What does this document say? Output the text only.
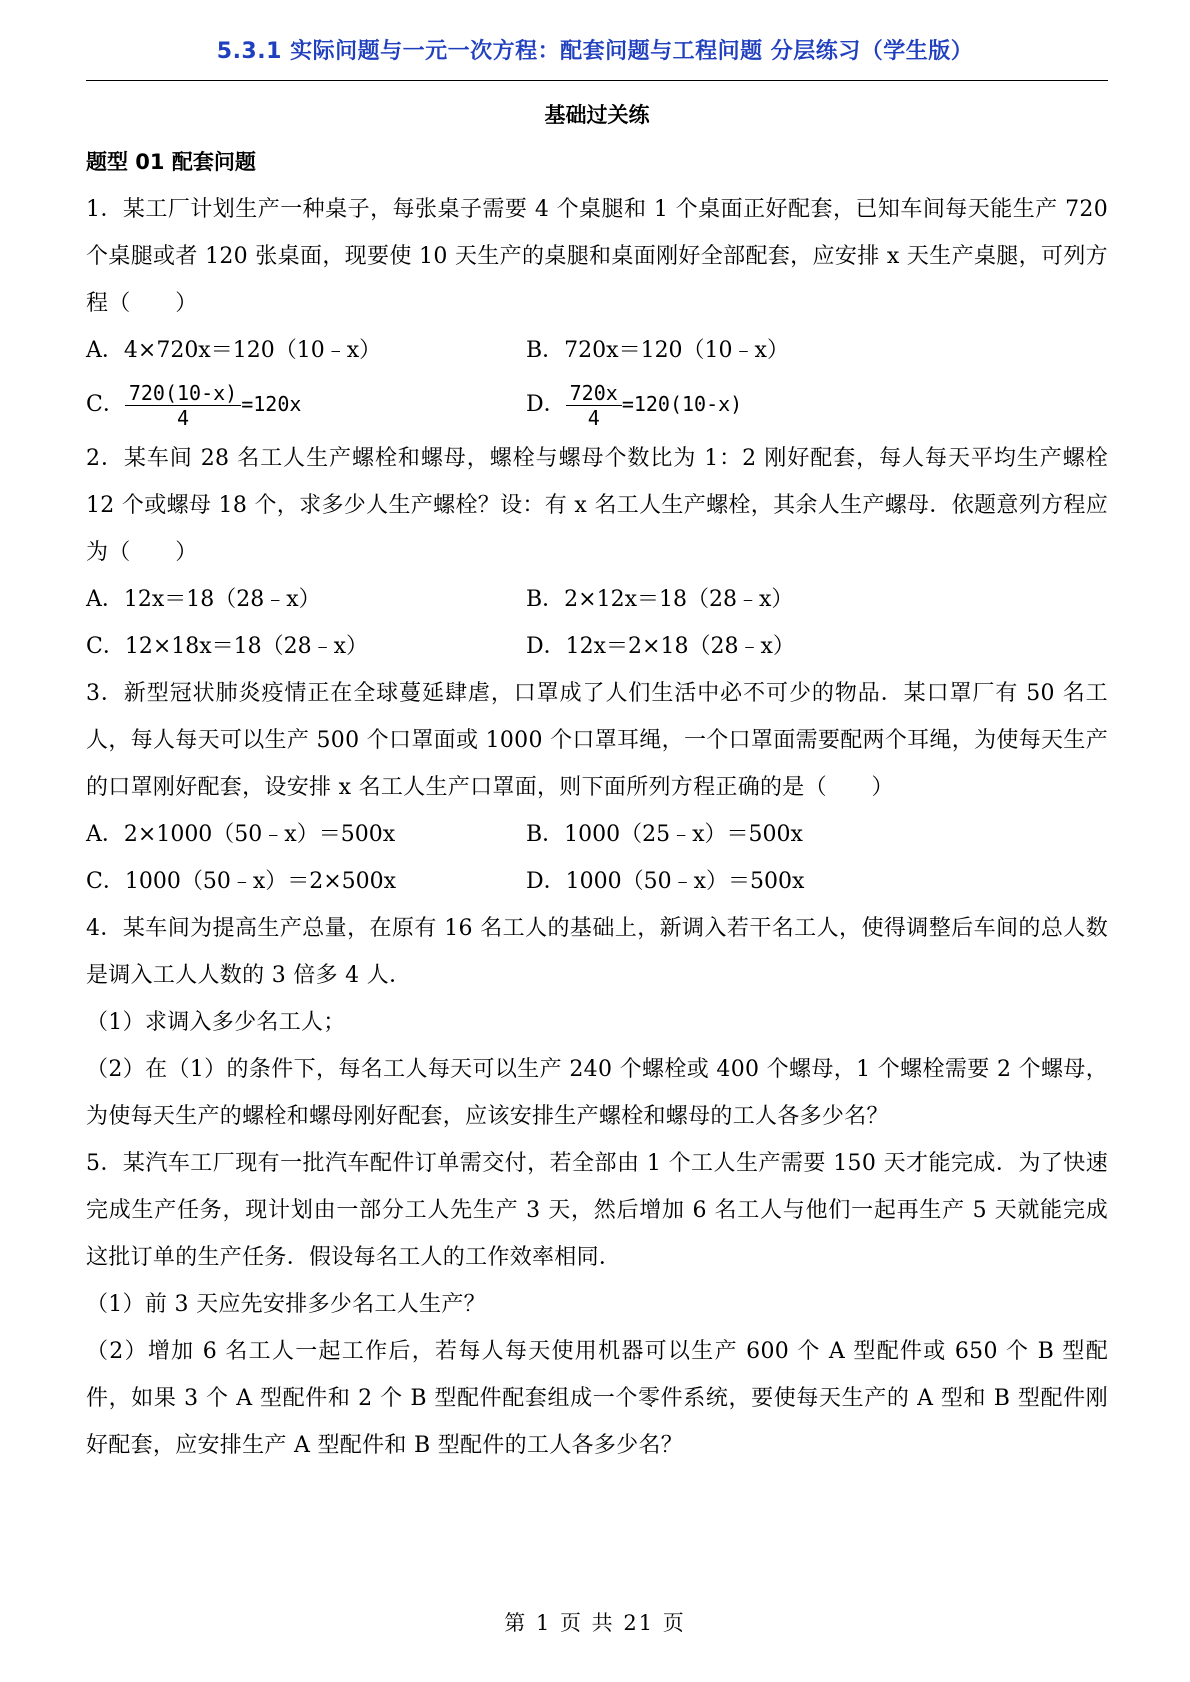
5.3.1 实际问题与一元一次方程：配套问题与工程问题 分层练习（学生版）
基础过关练
题型 01 配套问题

1．某工厂计划生产一种桌子，每张桌子需要 4 个桌腿和 1 个桌面正好配套，已知车间每天能生产 720 个桌腿或者 120 张桌面，现要使 10 天生产的桌腿和桌面刚好全部配套，应安排 x 天生产桌腿，可列方程（　　）

A．4×720x＝120（10﹣x）	B．720x＝120（10﹣x）
C． $\frac{720(10-x)}{4} =120x$	D． $\frac{720x}{4} =120(10-x)$

2．某车间 28 名工人生产螺栓和螺母，螺栓与螺母个数比为 1：2 刚好配套，每人每天平均生产螺栓 12 个或螺母 18 个，求多少人生产螺栓？设：有 x 名工人生产螺栓，其余人生产螺母．依题意列方程应为（　　）

A．12x＝18（28﹣x）	B．2×12x＝18（28﹣x）
C．12×18x＝18（28﹣x）	D．12x＝2×18（28﹣x）

3．新型冠状肺炎疫情正在全球蔓延肆虐，口罩成了人们生活中必不可少的物品．某口罩厂有 50 名工人，每人每天可以生产 500 个口罩面或 1000 个口罩耳绳，一个口罩面需要配两个耳绳，为使每天生产的口罩刚好配套，设安排 x 名工人生产口罩面，则下面所列方程正确的是（　　）

A．2×1000（50﹣x）＝500x	B．1000（25﹣x）＝500x
C．1000（50﹣x）＝2×500x	D．1000（50﹣x）＝500x

4．某车间为提高生产总量，在原有 16 名工人的基础上，新调入若干名工人，使得调整后车间的总人数是调入工人人数的 3 倍多 4 人．

（1）求调入多少名工人；

（2）在（1）的条件下，每名工人每天可以生产 240 个螺栓或 400 个螺母，1 个螺栓需要 2 个螺母，为使每天生产的螺栓和螺母刚好配套，应该安排生产螺栓和螺母的工人各多少名？

5．某汽车工厂现有一批汽车配件订单需交付，若全部由 1 个工人生产需要 150 天才能完成．为了快速完成生产任务，现计划由一部分工人先生产 3 天，然后增加 6 名工人与他们一起再生产 5 天就能完成这批订单的生产任务．假设每名工人的工作效率相同．

（1）前 3 天应先安排多少名工人生产？

（2）增加 6 名工人一起工作后，若每人每天使用机器可以生产 600 个 A 型配件或 650 个 B 型配件，如果 3 个 A 型配件和 2 个 B 型配件配套组成一个零件系统，要使每天生产的 A 型和 B 型配件刚好配套，应安排生产 A 型配件和 B 型配件的工人各多少名？

第 1 页 共 21 页
